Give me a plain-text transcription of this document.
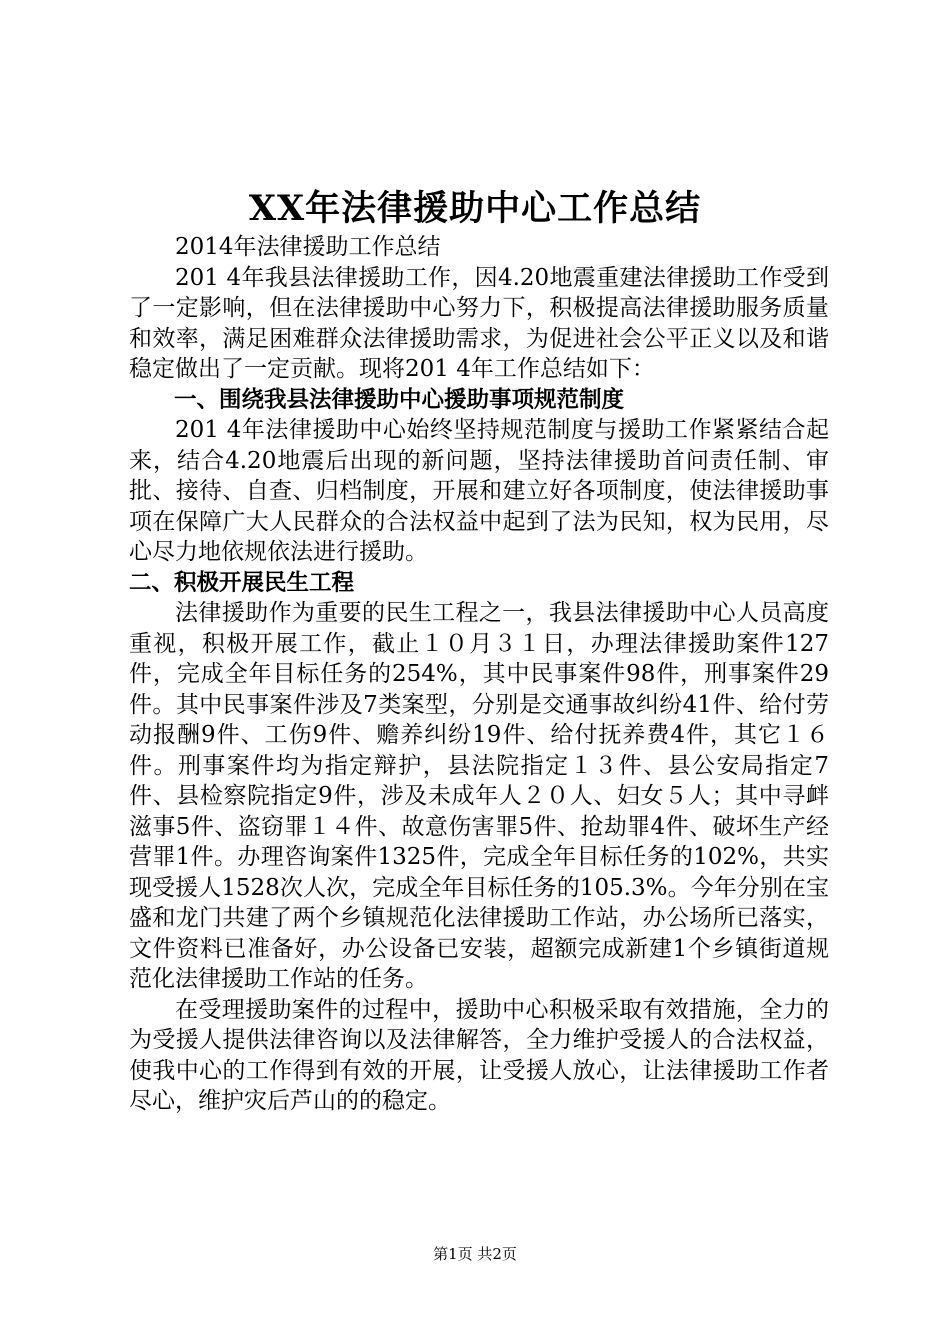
XX年法律援助中心工作总结

2014年法律援助工作总结

201 4年我县法律援助工作，因4.20地震重建法律援助工作受到了一定影响，但在法律援助中心努力下，积极提高法律援助服务质量和效率，满足困难群众法律援助需求，为促进社会公平正义以及和谐稳定做出了一定贡献。现将201 4年工作总结如下：

一、围绕我县法律援助中心援助事项规范制度

201 4年法律援助中心始终坚持规范制度与援助工作紧紧结合起来，结合4.20地震后出现的新问题，坚持法律援助首问责任制、审批、接待、自查、归档制度，开展和建立好各项制度，使法律援助事项在保障广大人民群众的合法权益中起到了法为民知，权为民用，尽心尽力地依规依法进行援助。

二、积极开展民生工程

法律援助作为重要的民生工程之一，我县法律援助中心人员高度重视，积极开展工作，截止１０月３１日，办理法律援助案件127件，完成全年目标任务的254%，其中民事案件98件，刑事案件29件。其中民事案件涉及7类案型，分别是交通事故纠纷41件、给付劳动报酬9件、工伤9件、赡养纠纷19件、给付抚养费4件，其它１６件。刑事案件均为指定辩护，县法院指定１３件、县公安局指定7件、县检察院指定9件，涉及未成年人２０人、妇女５人；其中寻衅滋事5件、盗窃罪１４件、故意伤害罪5件、抢劫罪4件、破坏生产经营罪1件。办理咨询案件1325件，完成全年目标任务的102%，共实现受援人1528次人次，完成全年目标任务的105.3%。今年分别在宝盛和龙门共建了两个乡镇规范化法律援助工作站，办公场所已落实，文件资料已准备好，办公设备已安装，超额完成新建1个乡镇街道规范化法律援助工作站的任务。

在受理援助案件的过程中，援助中心积极采取有效措施，全力的为受援人提供法律咨询以及法律解答，全力维护受援人的合法权益，使我中心的工作得到有效的开展，让受援人放心，让法律援助工作者尽心，维护灾后芦山的的稳定。

第1页 共2页
